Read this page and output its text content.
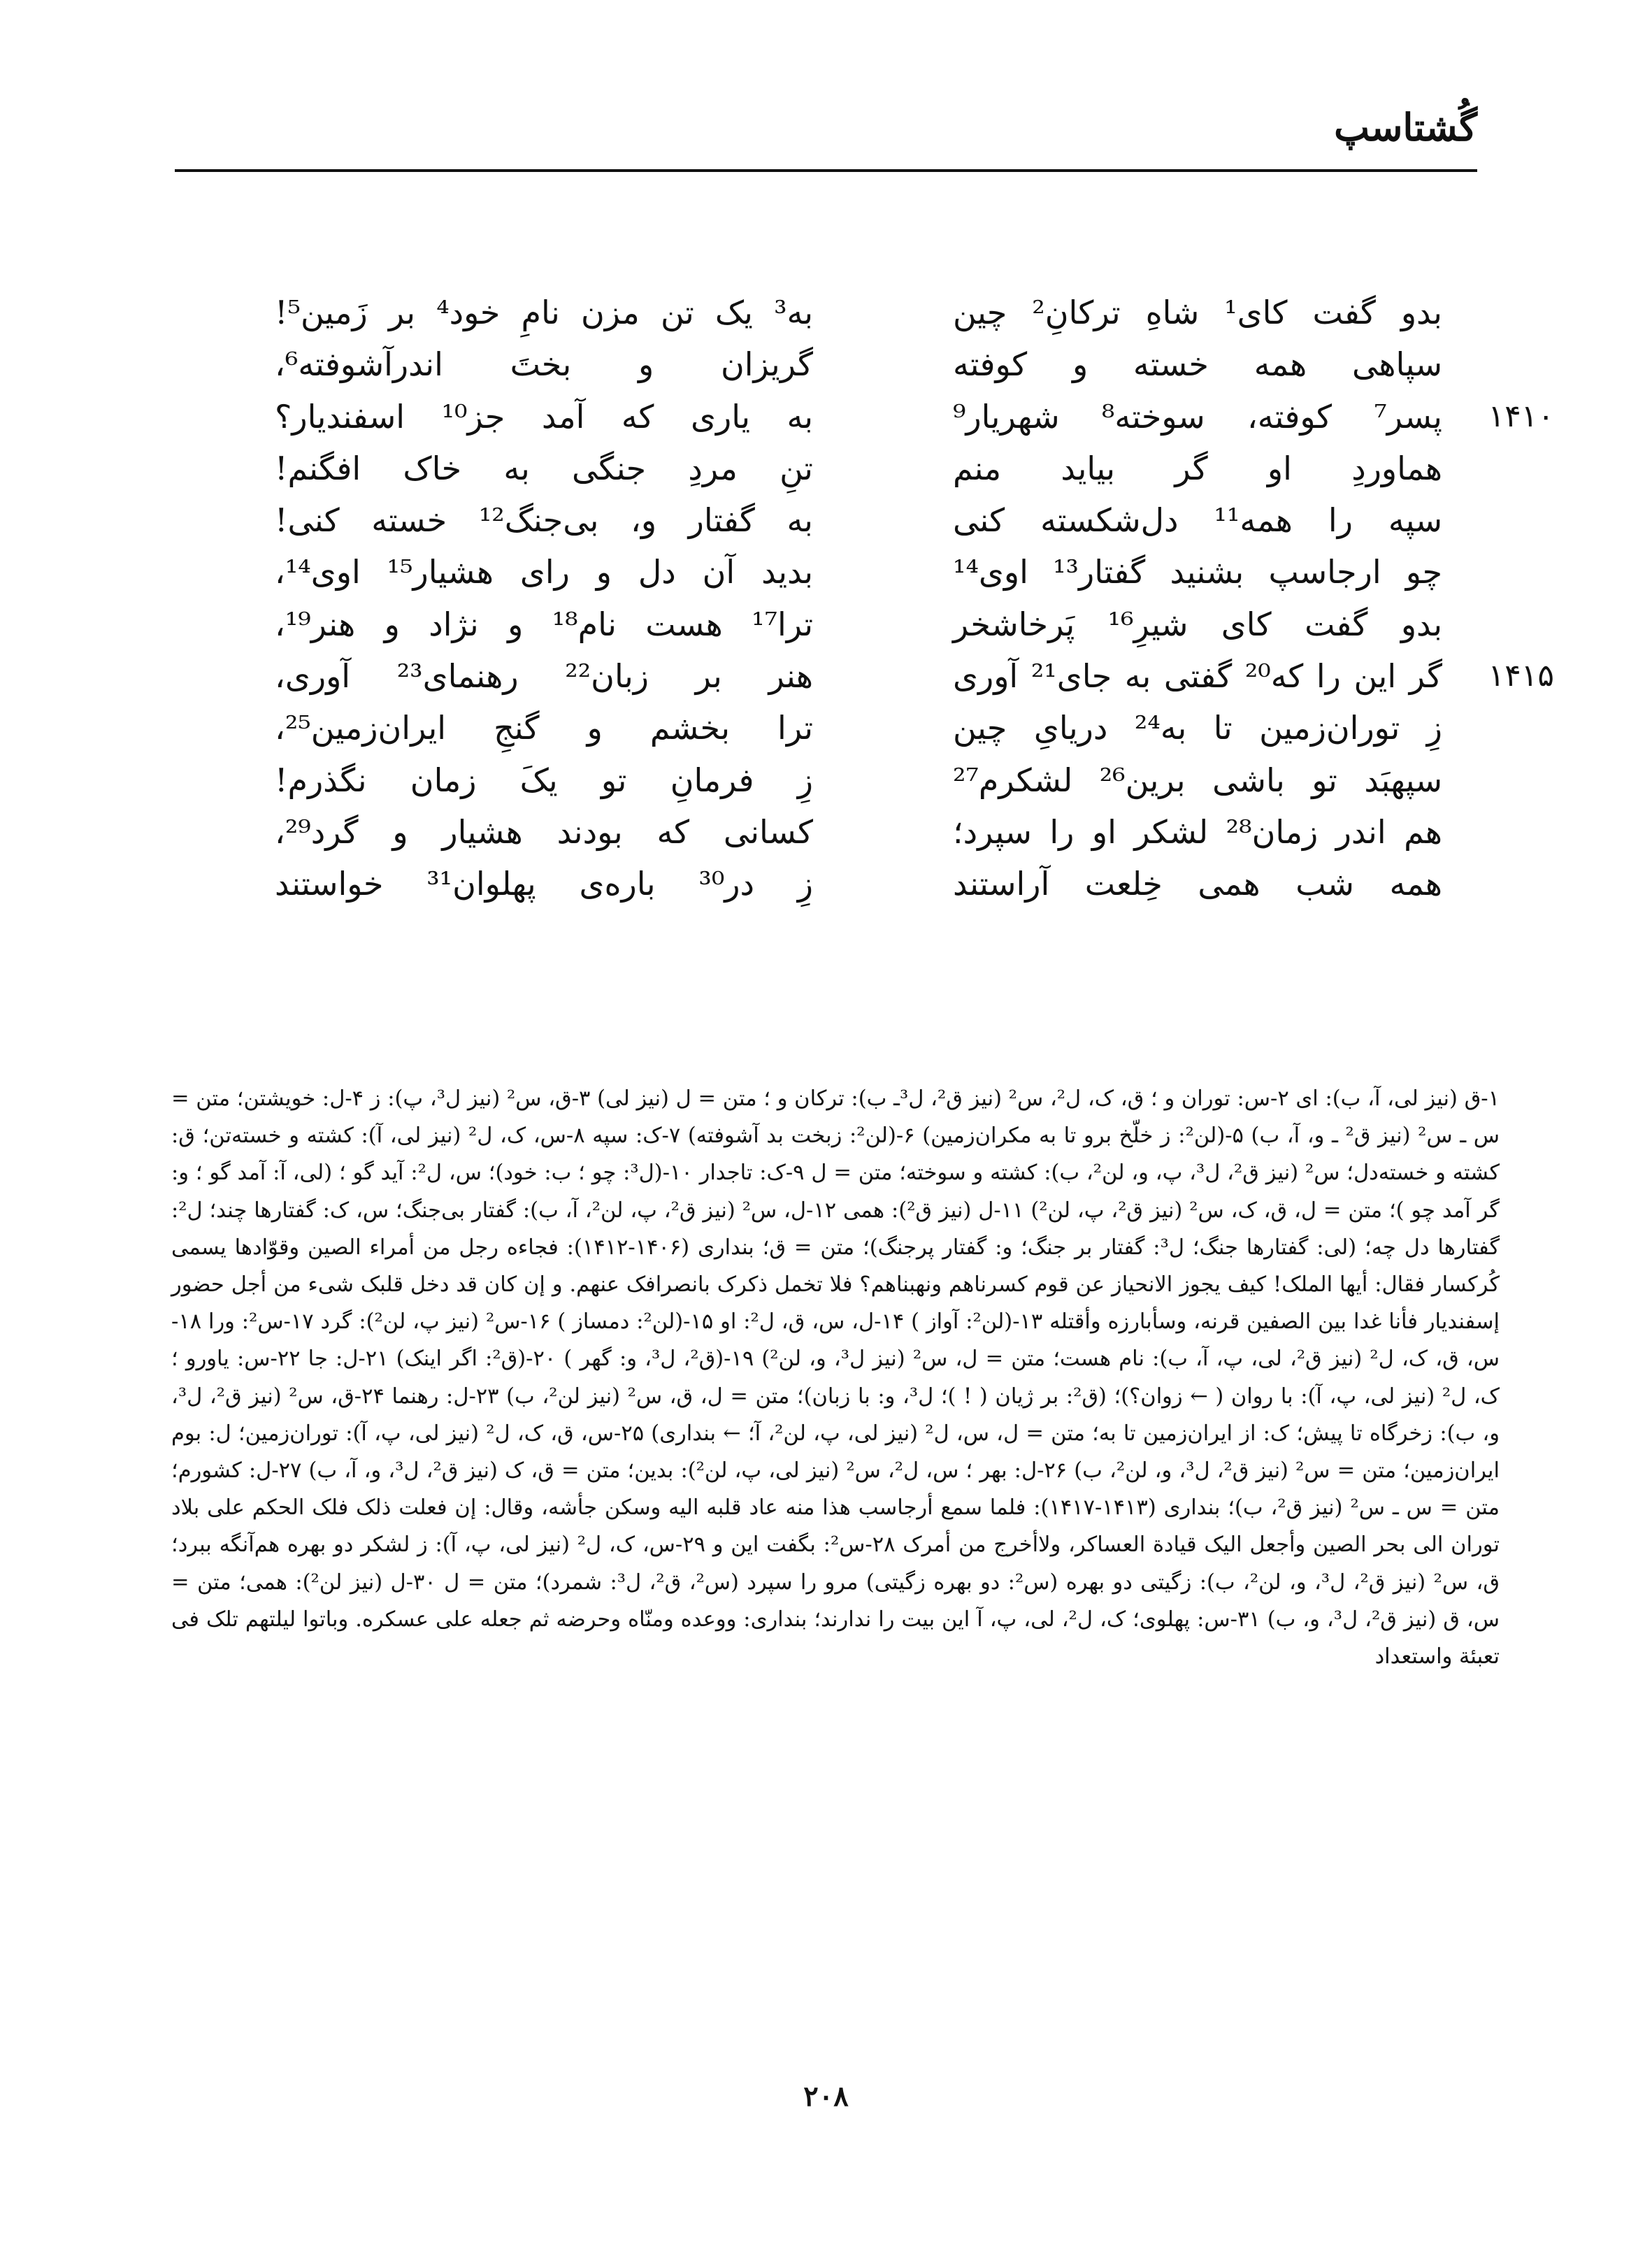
گُشتاسپ
بدو گفت کای¹ شاهِ ترکانِ² چین
سپاهی همه خسته و کوفته
پسر⁷ کوفته، سوخته⁸ شهریار⁹	۱۴۱۰
هماوردِ او گر بیاید منم
سپه را همه¹¹ دل‌شکسته کنی
چو ارجاسپ بشنید گفتار¹³ اوی¹⁴
بدو گفت کای شیرِ¹⁶ پَرخاشخر
گر این را که²⁰ گفتی به جای²¹ آوری	۱۴۱۵
زِ توران‌زمین تا به²⁴ دریایِ چین
سپهبَد تو باشی برین²⁶ لشکرم²⁷
هم اندر زمان²⁸ لشکر او را سپرد؛
همه شب همی خِلعت آراستند
به³ یک تن مزن نامِ خود⁴ بر زَمین⁵!
گریزان و بختَ اندرآشوفته⁶،
به یاری که آمد جز¹⁰ اسفندیار؟
تنِ مردِ جنگی به خاک افگنم!
به گفتار و، بی‌جنگ¹² خسته کنی!
بدید آن دل و رای هشیار¹⁵ اوی¹⁴،
ترا¹⁷ هست نام¹⁸ و نژاد و هنر¹⁹،
هنر بر زبان²² رهنمای²³ آوری،
ترا بخشم و گنجِ ایران‌زمین²⁵،
زِ فرمانِ تو یکَ زمان نگذرم!
کسانی که بودند هشیار و گرد²⁹،
زِ در³⁰ باره‌ی پهلوان³¹ خواستند
۱-ق (نیز لی، آ، ب): ای ۲-س: توران و ؛ ق، ک، ل²، س² (نیز ق²، ل³ـ ب): ترکان و ؛ متن = ل (نیز لی) ۳-ق، س² (نیز ل³، پ): ز ۴-ل: خویشتن؛ متن = س ـ س² (نیز ق² ـ و، آ، ب) ۵-(لن²: ز خلّخ برو تا به مکران‌زمین) ۶-(لن²: زبخت بد آشوفته) ۷-ک: سپه ۸-س، ک، ل² (نیز لی، آ): کشته و خسته‌تن؛ ق: کشته و خسته‌دل؛ س² (نیز ق²، ل³، پ، و، لن²، ب): کشته و سوخته؛ متن = ل ۹-ک: تاجدار ۱۰-(ل³: چو ؛ ب: خود)؛ س، ل²: آید گو ؛ (لی، آ: آمد گو ؛ و: گر آمد چو )؛ متن = ل، ق، ک، س² (نیز ق²، پ، لن²) ۱۱-ل (نیز ق²): همی ۱۲-ل، س² (نیز ق²، پ، لن²، آ، ب): گفتار بی‌جنگ؛ س، ک: گفتارها چند؛ ل²: گفتارها دل چه؛ (لی: گفتارها جنگ؛ ل³: گفتار بر جنگ؛ و: گفتار پرجنگ)؛ متن = ق؛ بنداری (۱۴۰۶-۱۴۱۲): فجاءه رجل من أمراء الصین وقوّادها یسمی کُرکسار فقال: أیها الملک! کیف یجوز الانحیاز عن قوم کسرناهم ونهبناهم؟ فلا تخمل ذکرک بانصرافک عنهم. و إن کان قد دخل قلبک شیء من أجل حضور إسفندیار فأنا غدا بین الصفین قرنه، وسأبارزه وأقتله ۱۳-(لن²: آواز ) ۱۴-ل، س، ق، ل²: او ۱۵-(لن²: دمساز ) ۱۶-س² (نیز پ، لن²): گرد ۱۷-س²: ورا ۱۸-س، ق، ک، ل² (نیز ق²، لی، پ، آ، ب): نام هست؛ متن = ل، س² (نیز ل³، و، لن²) ۱۹-(ق²، ل³، و: گهر ) ۲۰-(ق²: اگر اینک) ۲۱-ل: جا ۲۲-س: یاورو ؛ ک، ل² (نیز لی، پ، آ): با روان ( ← زوان؟)؛ (ق²: بر ژیان ( ! )؛ ل³، و: با زبان)؛ متن = ل، ق، س² (نیز لن²، ب) ۲۳-ل: رهنما ۲۴-ق، س² (نیز ق²، ل³، و، ب): زخرگاه تا پیش؛ ک: از ایران‌زمین تا به؛ متن = ل، س، ل² (نیز لی، پ، لن²، آ؛ ← بنداری) ۲۵-س، ق، ک، ل² (نیز لی، پ، آ): توران‌زمین؛ ل: بوم ایران‌زمین؛ متن = س² (نیز ق²، ل³، و، لن²، ب) ۲۶-ل: بهر ؛ س، ل²، س² (نیز لی، پ، لن²): بدین؛ متن = ق، ک (نیز ق²، ل³، و، آ، ب) ۲۷-ل: کشورم؛ متن = س ـ س² (نیز ق²، ب)؛ بنداری (۱۴۱۳-۱۴۱۷): فلما سمع أرجاسب هذا منه عاد قلبه الیه وسکن جأشه، وقال: إن فعلت ذلک فلک الحکم علی بلاد توران الی بحر الصین وأجعل الیک قیادة العساکر، ولاأخرج من أمرک ۲۸-س²: بگفت این و ۲۹-س، ک، ل² (نیز لی، پ، آ): ز لشکر دو بهره هم‌آنگه ببرد؛ ق، س² (نیز ق²، ل³، و، لن²، ب): زگیتی دو بهره (س²: دو بهره زگیتی) مرو را سپرد (س²، ق²، ل³: شمرد)؛ متن = ل ۳۰-ل (نیز لن²): همی؛ متن = س، ق (نیز ق²، ل³، و، ب) ۳۱-س: پهلوی؛ ک، ل²، لی، پ، آ این بیت را ندارند؛ بنداری: ووعده ومنّاه وحرضه ثم جعله علی عسکره. وباتوا لیلتهم تلک فی تعبئة واستعداد
۲۰۸
